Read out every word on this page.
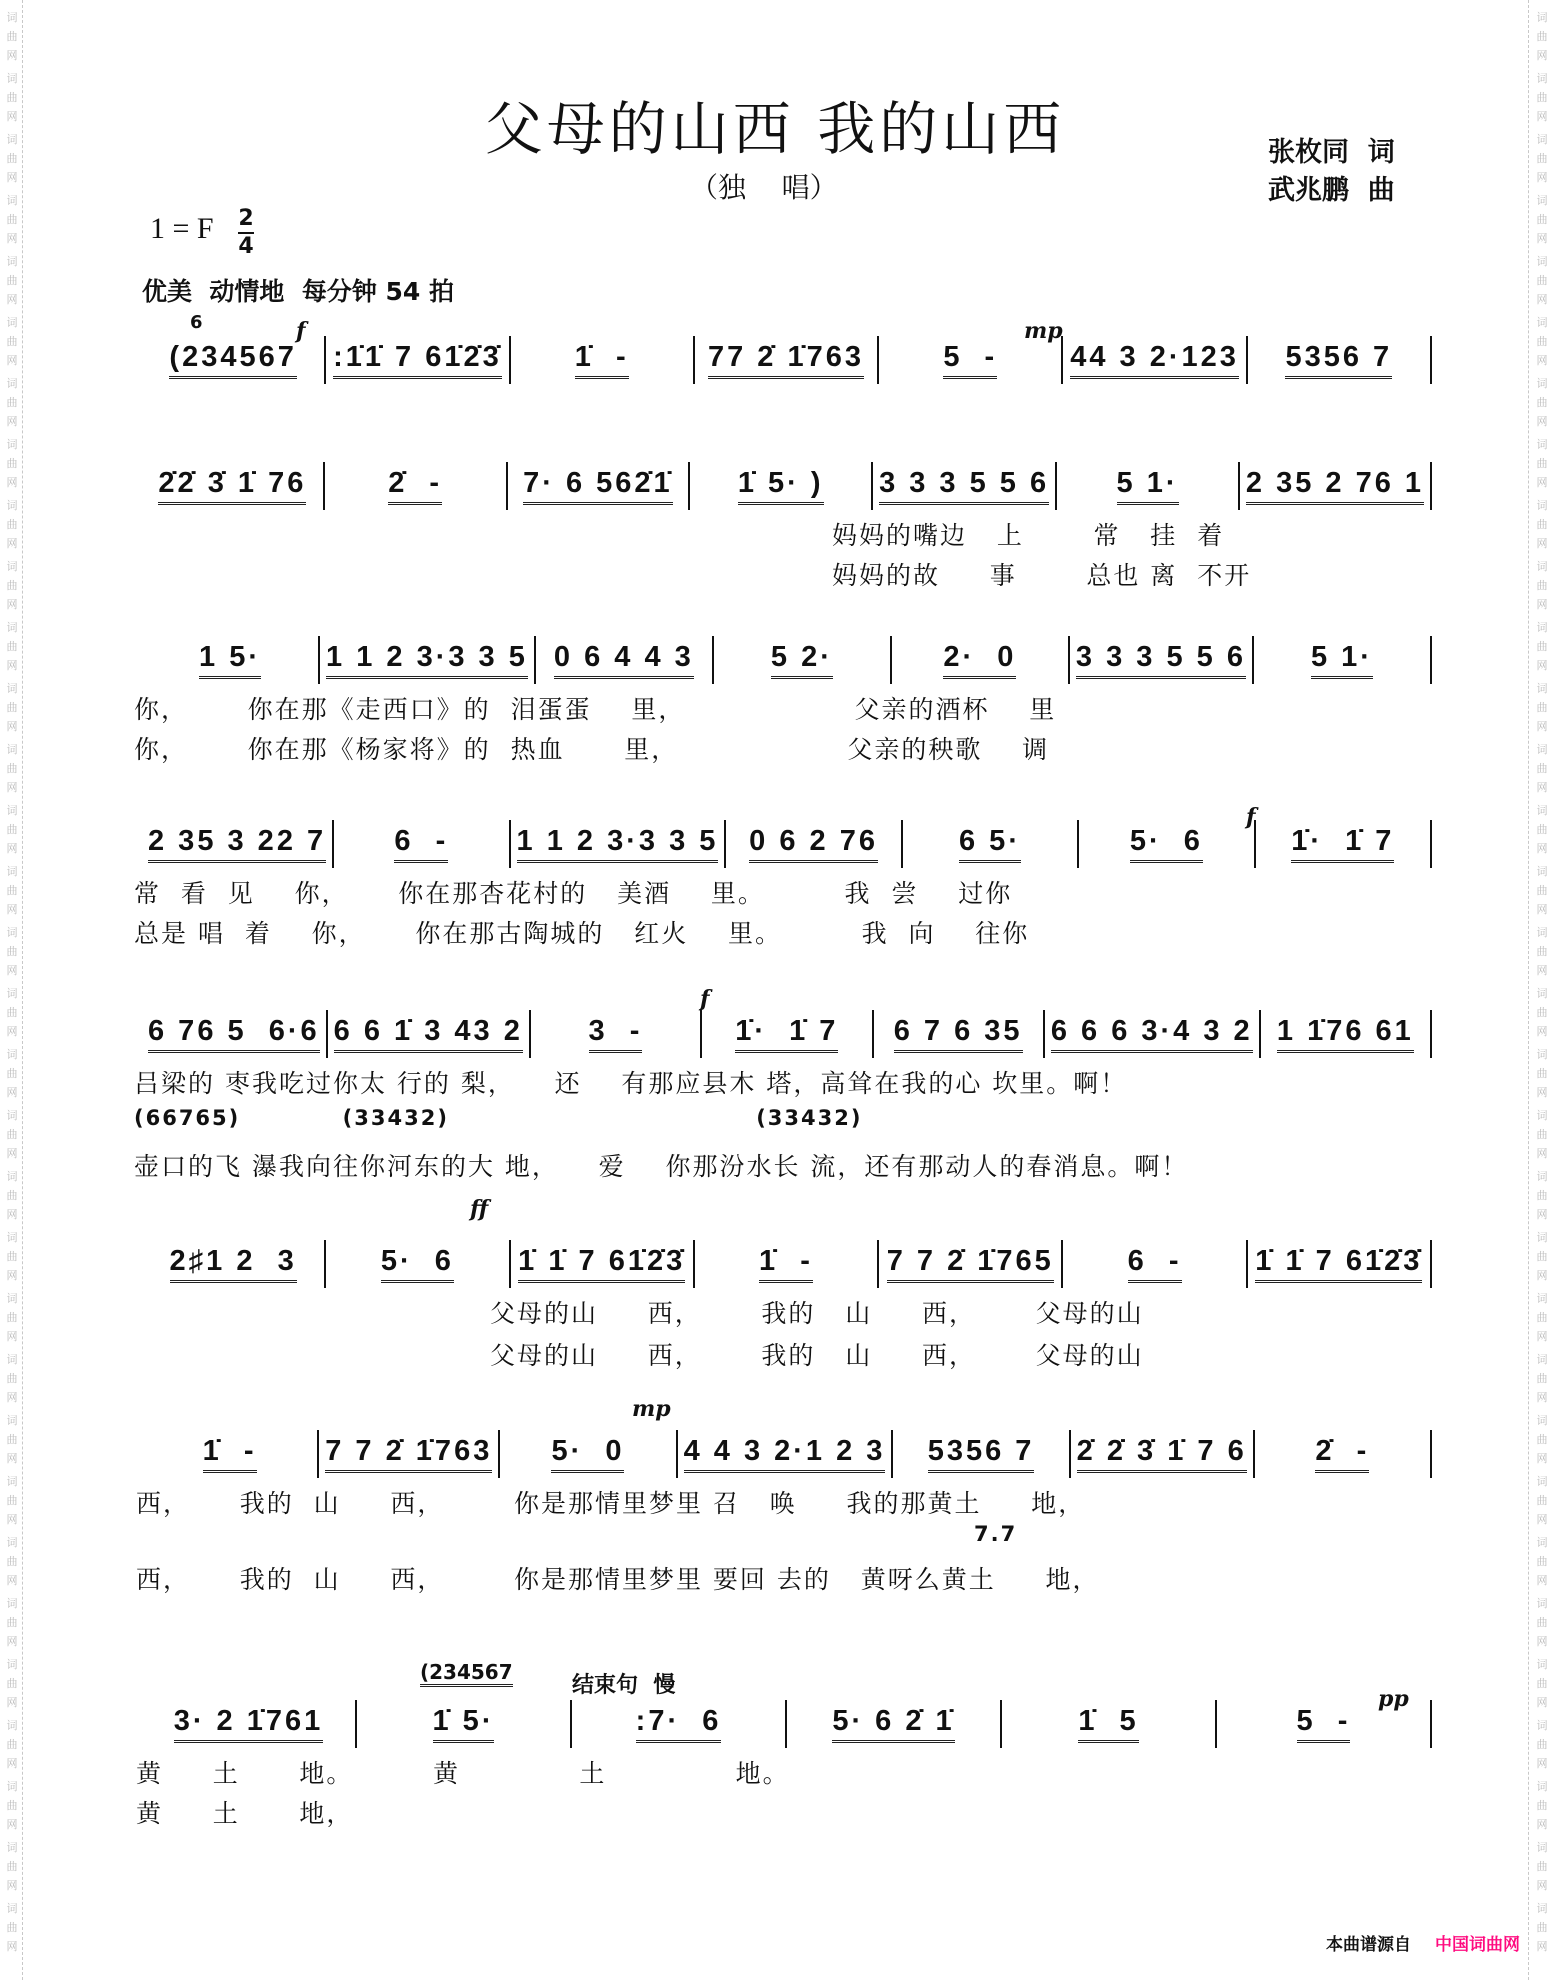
词
曲
网
词
曲
网
词
曲
网
词
曲
网
词
曲
网
词
曲
网
词
曲
网
词
曲
网
词
曲
网
词
曲
网
词
曲
网
词
曲
网
词
曲
网
词
曲
网
词
曲
网
词
曲
网
词
曲
网
词
曲
网
词
曲
网
词
曲
网
词
曲
网
词
曲
网
词
曲
网
词
曲
网
词
曲
网
词
曲
网
词
曲
网
词
曲
网
词
曲
网
词
曲
网
词
曲
网
词
曲
网
词
曲
网
词
曲
网
词
曲
网
词
曲
网
词
曲
网
词
曲
网
词
曲
网
词
曲
网
词
曲
网
词
曲
网
词
曲
网
词
曲
网
词
曲
网
词
曲
网
词
曲
网
词
曲
网
词
曲
网
词
曲
网
词
曲
网
词
曲
网
词
曲
网
词
曲
网
词
曲
网
词
曲
网
词
曲
网
词
曲
网
词
曲
网
词
曲
网
词
曲
网
词
曲
网
词
曲
网
词
曲
网
父母的山西 我的山西
（独    唱）
张枚同  词
武兆鹏  曲
1 = F 2
4
优美  动情地  每分钟 54 拍
(234567 :1̇1̇ 7 61̇2̇3̇	1̇  -	77 2̇ 1̇763	5  -	44 3 2·123 5356 7
2̇2̇ 3̇ 1̇ 76	2̇  -	7· 6 562̇1̇ 1̇ 5· ) 3 3 3 5 5 6 5 1· 2 35 2 76 1
妈妈的嘴边   上       常   挂  着
妈妈的故     事       总也 离  不开
1 5· 1 1 2 3·3 3 5 0 6 4 4 3	5 2·	2·  0 3 3 3 5 5 6 5 1·
你，      你在那《走西口》的  泪蛋蛋    里，                 父亲的酒杯    里
你，      你在那《杨家将》的  热血      里，                 父亲的秧歌    调
2 35 3 22 7 6  - 1 1 2 3·3 3 5 0 6 2 76	6 5·	5·  6	1̇·  1̇ 7
常  看  见    你，     你在那杏花村的   美酒    里。        我  尝    过你
总是 唱  着    你，     你在那古陶城的   红火    里。        我  向    往你
6 76 5  6·6 6 6 1̇ 3 43 2 3  -	1̇·  1̇ 7 6 7 6 35 6 6 6 3·4 3 2 1 1̇76 61
吕梁的 枣我吃过你太 行的 梨，    还    有那应县木 塔，高耸在我的心 坎里。啊！
(66765)           (33432)                                 (33432)
壶口的飞 瀑我向往你河东的大 地，    爱    你那汾水长 流，还有那动人的春消息。啊！
2♯1 2  3	5·  6 1̇ 1̇ 7 61̇2̇3̇	1̇  -	7 7 2̇ 1̇765	6  -	1̇ 1̇ 7 61̇2̇3̇
父母的山     西，      我的   山     西，      父母的山
父母的山     西，      我的   山     西，      父母的山
1̇  - 7 7 2̇ 1̇763 5·  0 4 4 3 2·1 2 3 5356 7 2̇ 2̇ 3̇ 1̇ 7 6 2̇  -
西，     我的  山     西，       你是那情里梦里 召   唤     我的那黄土     地，
7.7
西，     我的  山     西，       你是那情里梦里 要回 去的   黄呀么黄土     地，
3· 2 1̇761	1̇ 5·	:7·  6	5· 6 2̇ 1̇	1̇  5	5  -
黄     土      地。        黄            土             地。
黄     土      地，
6
(234567
结束句  慢
f	mp
f
f
ff
mp
pp
本曲谱源自 中国词曲网
